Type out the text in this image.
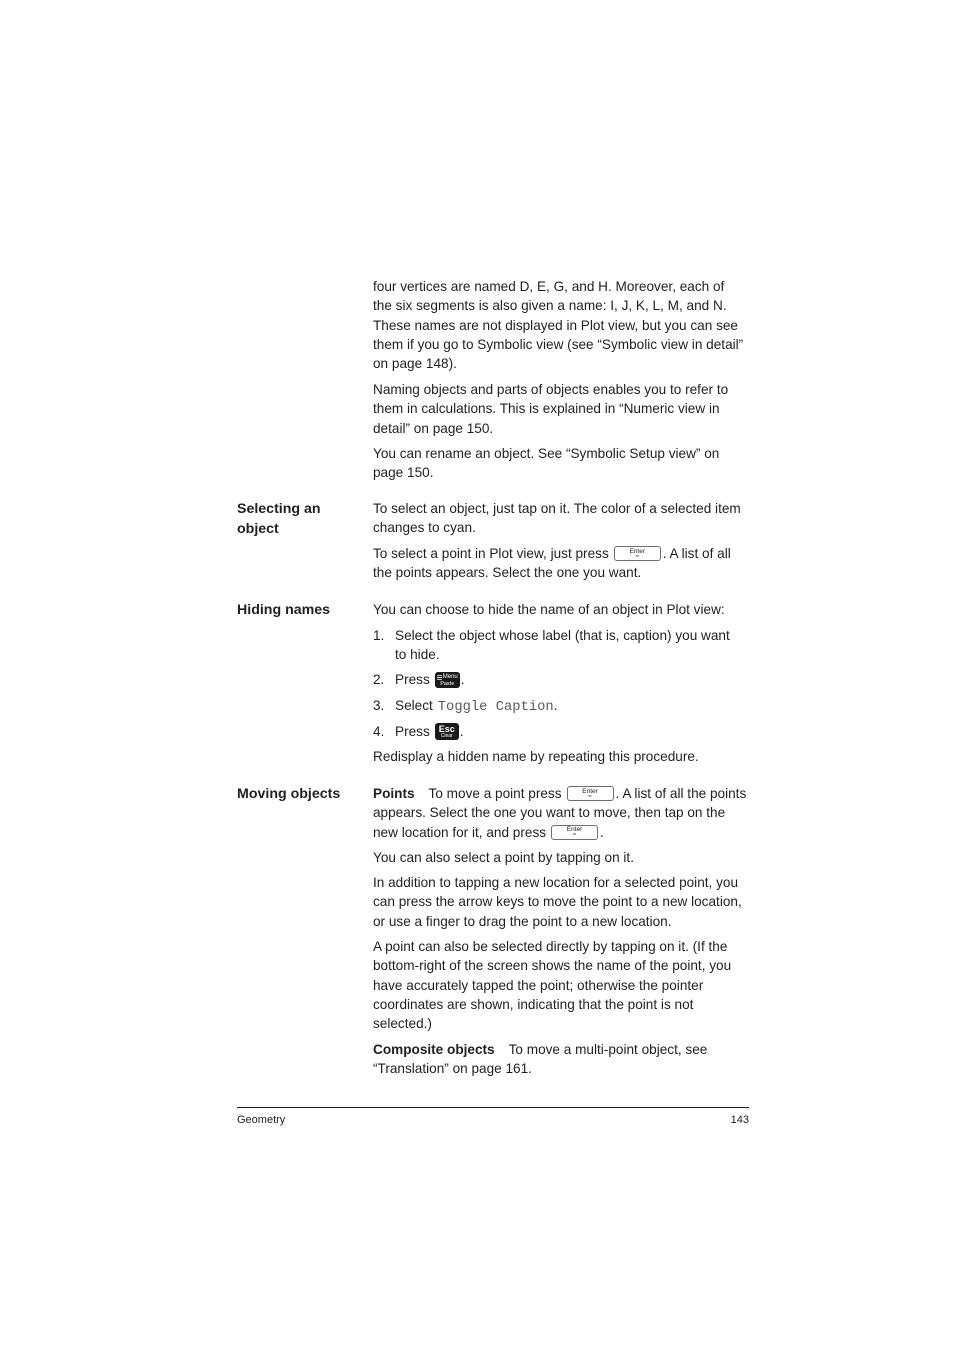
four vertices are named D, E, G, and H. Moreover, each of
the six segments is also given a name: I, J, K, L, M, and N.
These names are not displayed in Plot view, but you can see
them if you go to Symbolic view (see “Symbolic view in detail”
on page 148).
Naming objects and parts of objects enables you to refer to
them in calculations. This is explained in “Numeric view in
detail” on page 150.
You can rename an object. See “Symbolic Setup view” on
page 150.
Selecting an
object
To select an object, just tap on it. The color of a selected item
changes to cyan.
To select a point in Plot view, just press	Enter
≈	. A list of all
the points appears. Select the one you want.
Hiding names	You can choose to hide the name of an object in Plot view:
1. Select the object whose label (that is, caption) you want
to hide.
2. Press Menu
Paste .
3. Select Toggle Caption.
4. Press Esc
Clear .
Redisplay a hidden name by repeating this procedure.
Moving objects Points To move a point press	Enter
≈	. A list of all the points
appears. Select the one you want to move, then tap on the
new location for it, and press	Enter
≈	.
You can also select a point by tapping on it.
In addition to tapping a new location for a selected point, you
can press the arrow keys to move the point to a new location,
or use a finger to drag the point to a new location.
A point can also be selected directly by tapping on it. (If the
bottom-right of the screen shows the name of the point, you
have accurately tapped the point; otherwise the pointer
coordinates are shown, indicating that the point is not
selected.)
Composite objects To move a multi-point object, see
“Translation” on page 161.
Geometry	143
